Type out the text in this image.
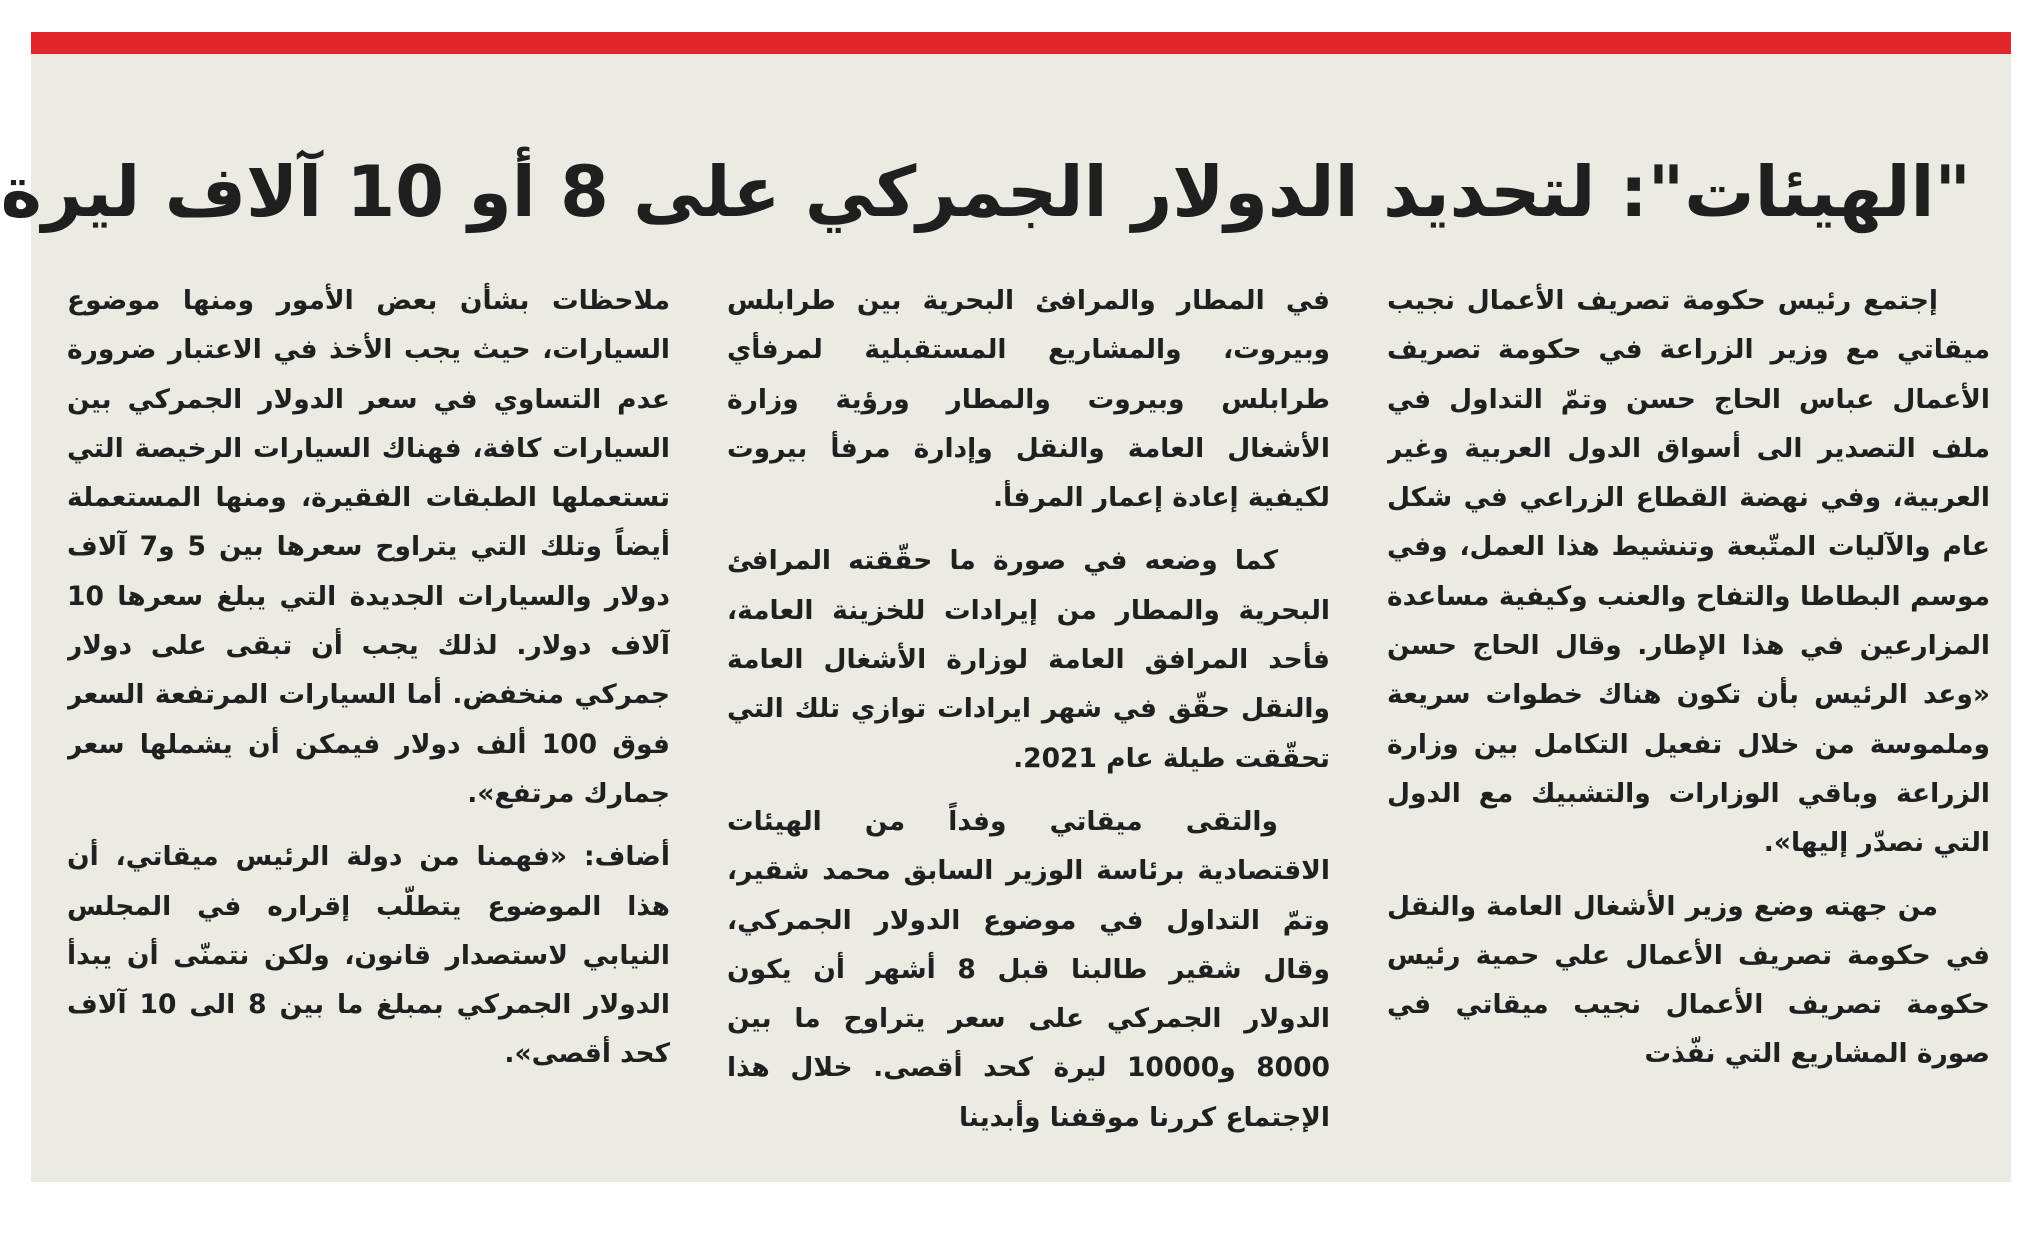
"الهيئات": لتحديد الدولار الجمركي على 8 أو 10 آلاف ليرة

إجتمع رئيس حكومة تصريف الأعمال نجيب ميقاتي مع وزير الزراعة في حكومة تصريف الأعمال عباس الحاج حسن وتمّ التداول في ملف التصدير الى أسواق الدول العربية وغير العربية، وفي نهضة القطاع الزراعي في شكل عام والآليات المتّبعة وتنشيط هذا العمل، وفي موسم البطاطا والتفاح والعنب وكيفية مساعدة المزارعين في هذا الإطار. وقال الحاج حسن «وعد الرئيس بأن تكون هناك خطوات سريعة وملموسة من خلال تفعيل التكامل بين وزارة الزراعة وباقي الوزارات والتشبيك مع الدول التي نصدّر إليها».

من جهته وضع وزير الأشغال العامة والنقل في حكومة تصريف الأعمال علي حمية رئيس حكومة تصريف الأعمال نجيب ميقاتي في صورة المشاريع التي نفّذت

في المطار والمرافئ البحرية بين طرابلس وبيروت، والمشاريع المستقبلية لمرفأي طرابلس وبيروت والمطار ورؤية وزارة الأشغال العامة والنقل وإدارة مرفأ بيروت لكيفية إعادة إعمار المرفأ.

كما وضعه في صورة ما حقّقته المرافئ البحرية والمطار من إيرادات للخزينة العامة، فأحد المرافق العامة لوزارة الأشغال العامة والنقل حقّق في شهر ايرادات توازي تلك التي تحقّقت طيلة عام 2021.

والتقى ميقاتي وفداً من الهيئات الاقتصادية برئاسة الوزير السابق محمد شقير، وتمّ التداول في موضوع الدولار الجمركي، وقال شقير طالبنا قبل 8 أشهر أن يكون الدولار الجمركي على سعر يتراوح ما بين 8000 و10000 ليرة كحد أقصى. خلال هذا الإجتماع كررنا موقفنا وأبدينا

ملاحظات بشأن بعض الأمور ومنها موضوع السيارات، حيث يجب الأخذ في الاعتبار ضرورة عدم التساوي في سعر الدولار الجمركي بين السيارات كافة، فهناك السيارات الرخيصة التي تستعملها الطبقات الفقيرة، ومنها المستعملة أيضاً وتلك التي يتراوح سعرها بين 5 و7 آلاف دولار والسيارات الجديدة التي يبلغ سعرها 10 آلاف دولار. لذلك يجب أن تبقى على دولار جمركي منخفض. أما السيارات المرتفعة السعر فوق 100 ألف دولار فيمكن أن يشملها سعر جمارك مرتفع».

أضاف: «فهمنا من دولة الرئيس ميقاتي، أن هذا الموضوع يتطلّب إقراره في المجلس النيابي لاستصدار قانون، ولكن نتمنّى أن يبدأ الدولار الجمركي بمبلغ ما بين 8 الى 10 آلاف كحد أقصى».
